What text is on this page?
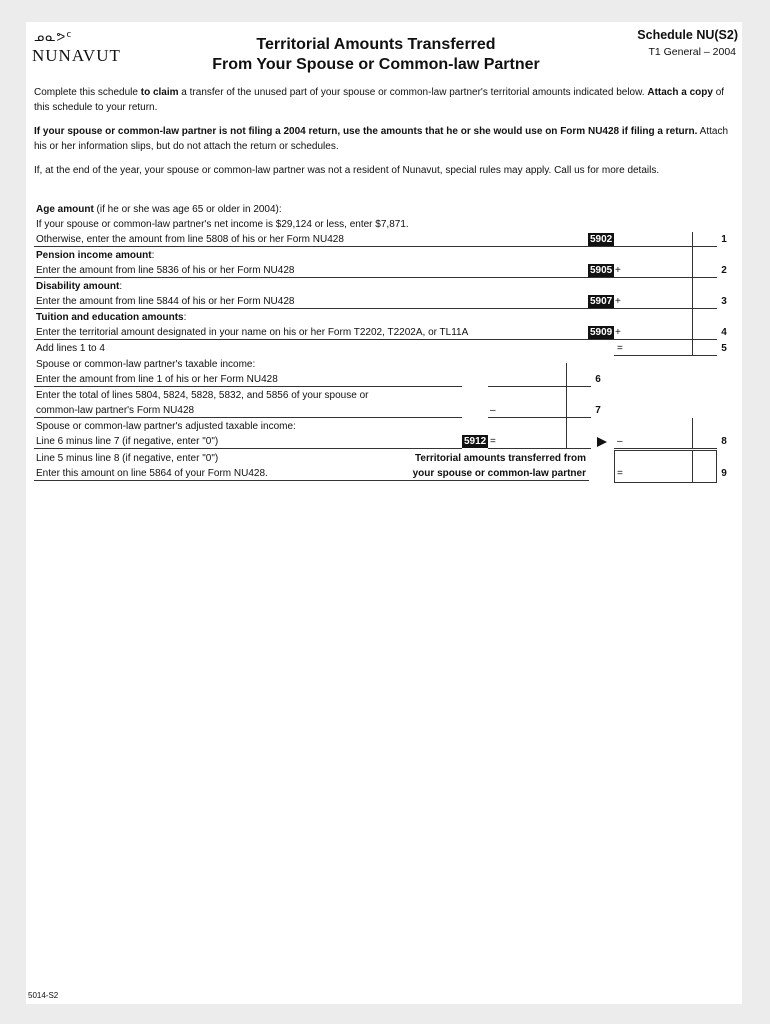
ᓄᓇᕗᑦ
NUNAVUT
Territorial Amounts Transferred
From Your Spouse or Common-law Partner
Schedule NU(S2)
T1 General – 2004
Complete this schedule to claim a transfer of the unused part of your spouse or common-law partner's territorial amounts indicated below. Attach a copy of this schedule to your return.
If your spouse or common-law partner is not filing a 2004 return, use the amounts that he or she would use on Form NU428 if filing a return. Attach his or her information slips, but do not attach the return or schedules.
If, at the end of the year, your spouse or common-law partner was not a resident of Nunavut, special rules may apply. Call us for more details.
Age amount (if he or she was age 65 or older in 2004):
If your spouse or common-law partner's net income is $29,124 or less, enter $7,871.
Otherwise, enter the amount from line 5808 of his or her Form NU428	5902	1
Pension income amount:
Enter the amount from line 5836 of his or her Form NU428	5905 +	2
Disability amount:
Enter the amount from line 5844 of his or her Form NU428	5907 +	3
Tuition and education amounts:
Enter the territorial amount designated in your name on his or her Form T2202, T2202A, or TL11A	5909 +	4
Add lines 1 to 4	=	5
Spouse or common-law partner's taxable income:
Enter the amount from line 1 of his or her Form NU428	6
Enter the total of lines 5804, 5824, 5828, 5832, and 5856 of your spouse or
common-law partner's Form NU428	–	7
Spouse or common-law partner's adjusted taxable income:
Line 6 minus line 7 (if negative, enter "0")	5912 =	–	8
Line 5 minus line 8 (if negative, enter "0")
Enter this amount on line 5864 of your Form NU428.
Territorial amounts transferred from
your spouse or common-law partner	=	9
5014-S2
